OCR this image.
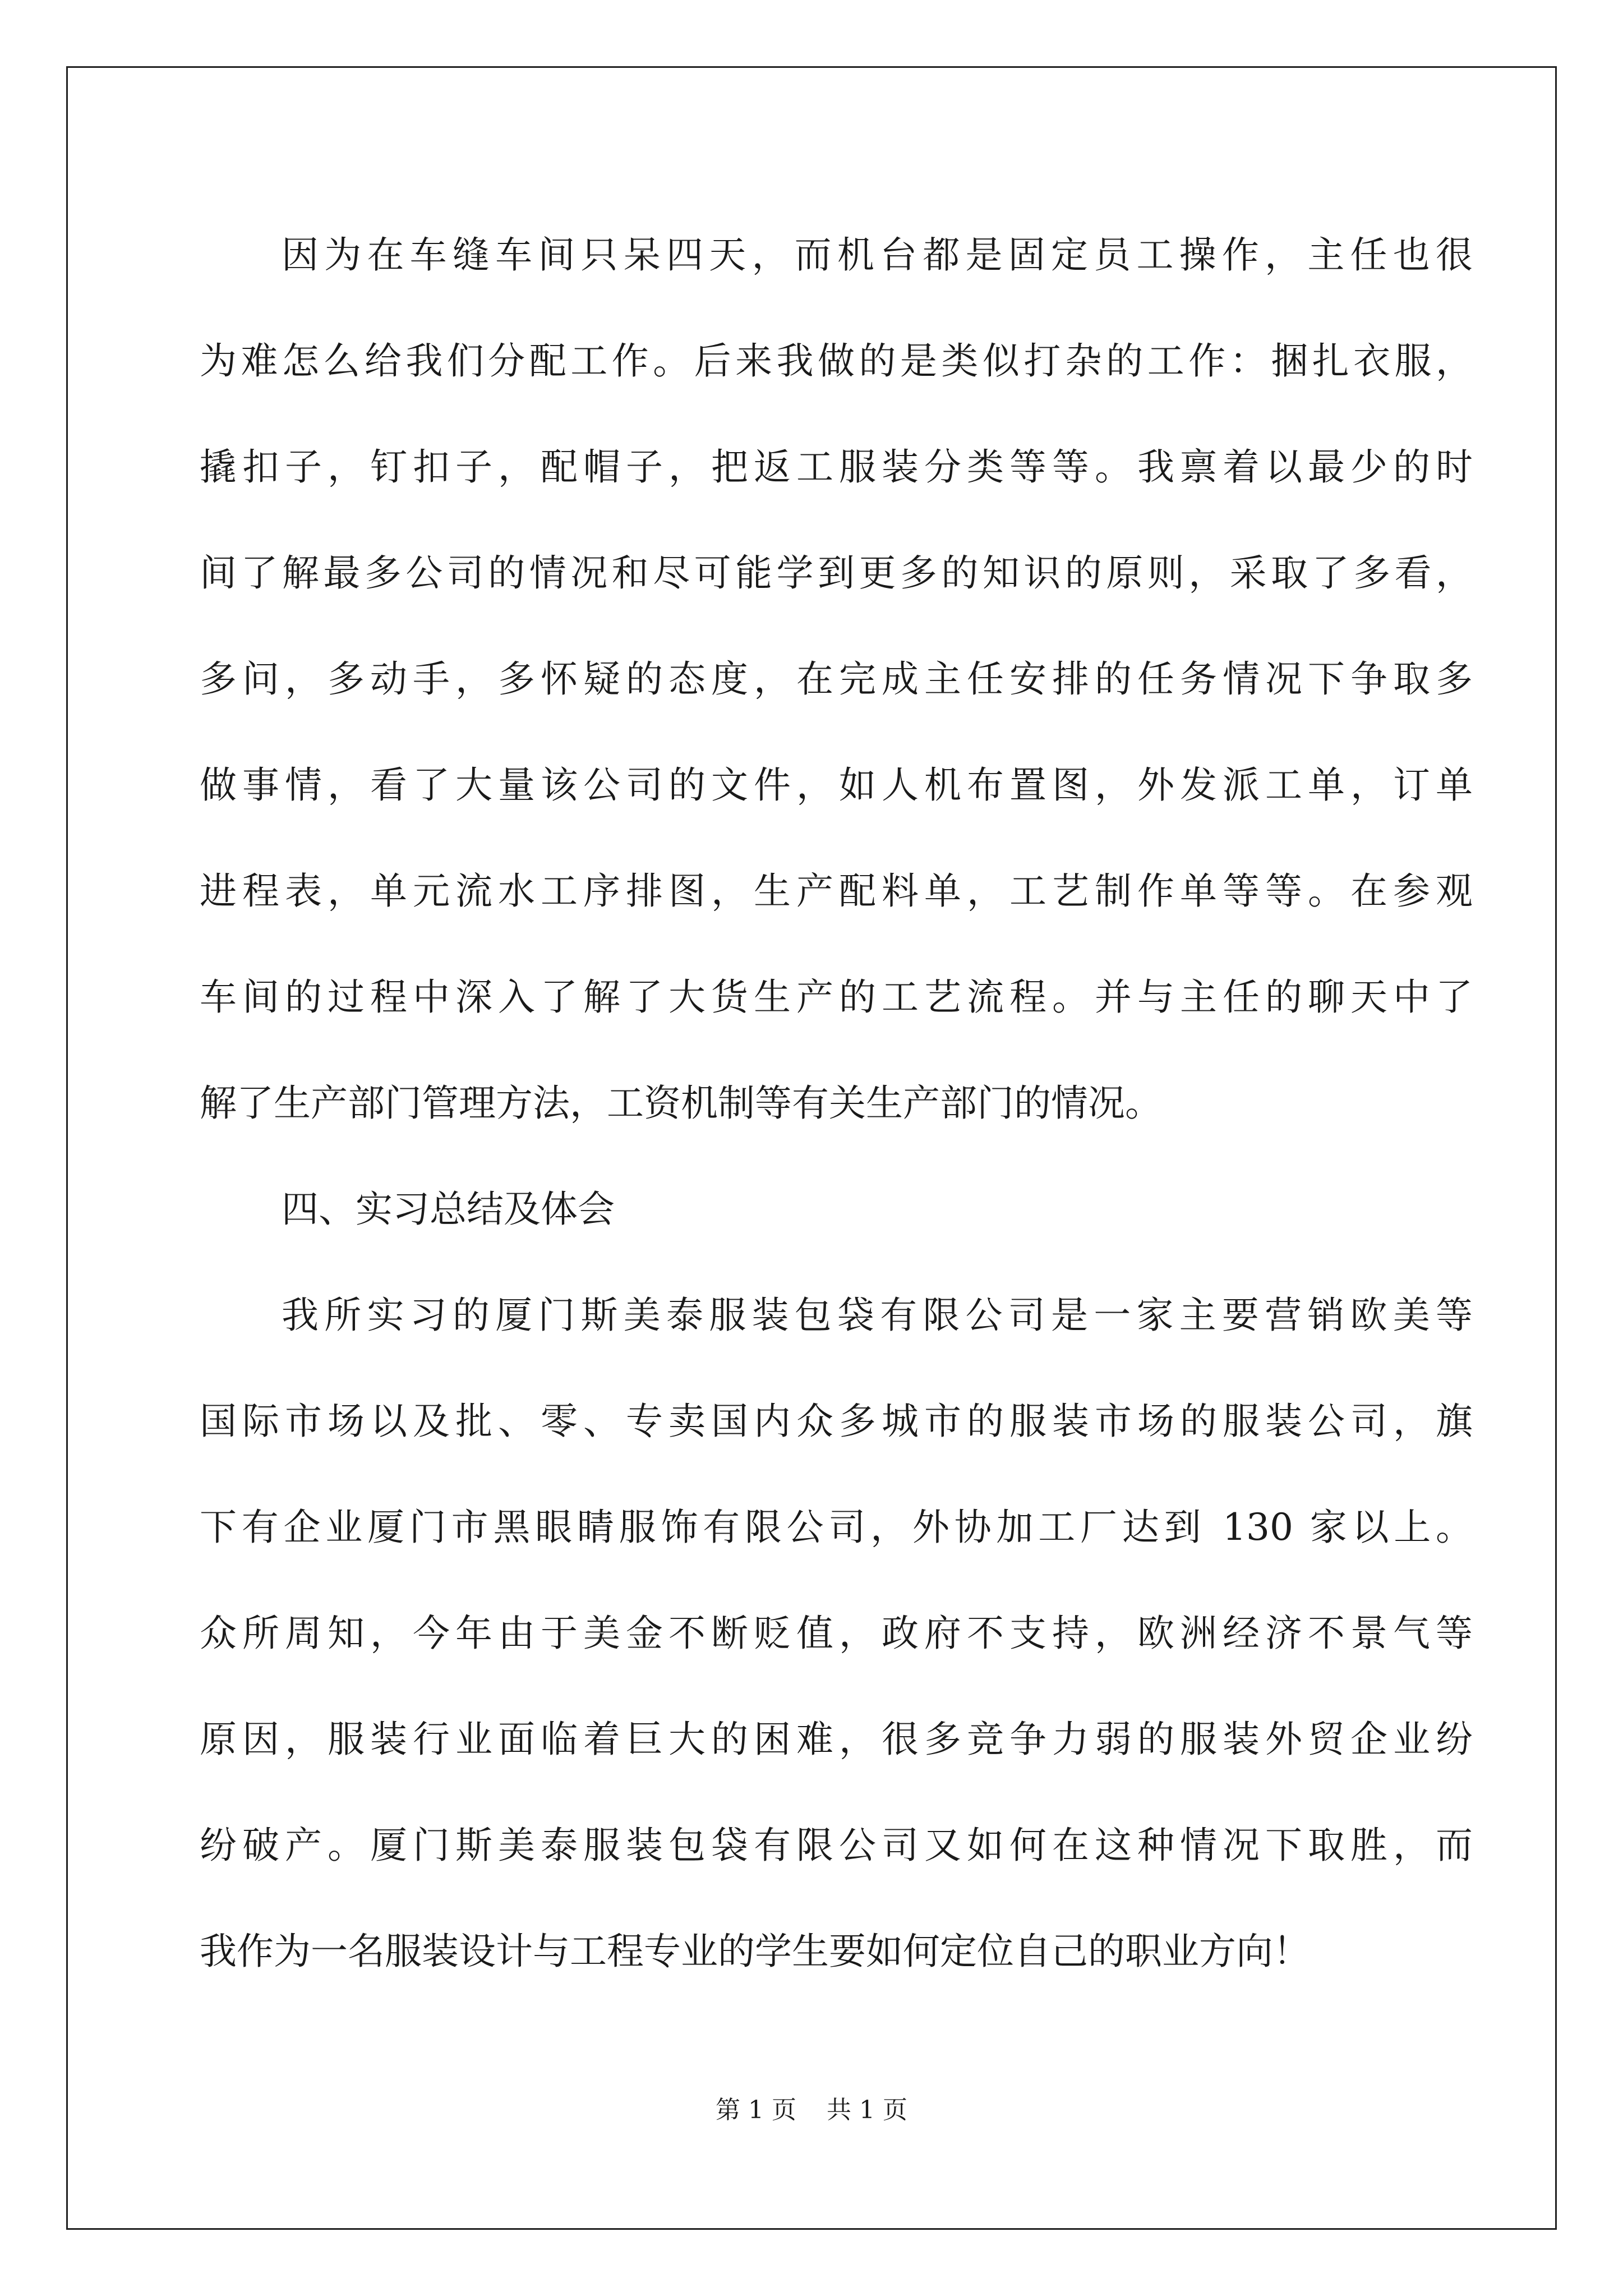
因为在车缝车间只呆四天，而机台都是固定员工操作，主任也很
为难怎么给我们分配工作。后来我做的是类似打杂的工作：捆扎衣服，
撬扣子，钉扣子，配帽子，把返工服装分类等等。我禀着以最少的时
间了解最多公司的情况和尽可能学到更多的知识的原则，采取了多看，
多问，多动手，多怀疑的态度，在完成主任安排的任务情况下争取多
做事情，看了大量该公司的文件，如人机布置图，外发派工单，订单
进程表，单元流水工序排图，生产配料单，工艺制作单等等。在参观
车间的过程中深入了解了大货生产的工艺流程。并与主任的聊天中了
解了生产部门管理方法，工资机制等有关生产部门的情况。
四、实习总结及体会
我所实习的厦门斯美泰服装包袋有限公司是一家主要营销欧美等
国际市场以及批、零、专卖国内众多城市的服装市场的服装公司，旗
下有企业厦门市黑眼睛服饰有限公司，外协加工厂达到 130 家以上。
众所周知，今年由于美金不断贬值，政府不支持，欧洲经济不景气等
原因，服装行业面临着巨大的困难，很多竞争力弱的服装外贸企业纷
纷破产。厦门斯美泰服装包袋有限公司又如何在这种情况下取胜，而
我作为一名服装设计与工程专业的学生要如何定位自己的职业方向！
第 1 页 共 1 页
